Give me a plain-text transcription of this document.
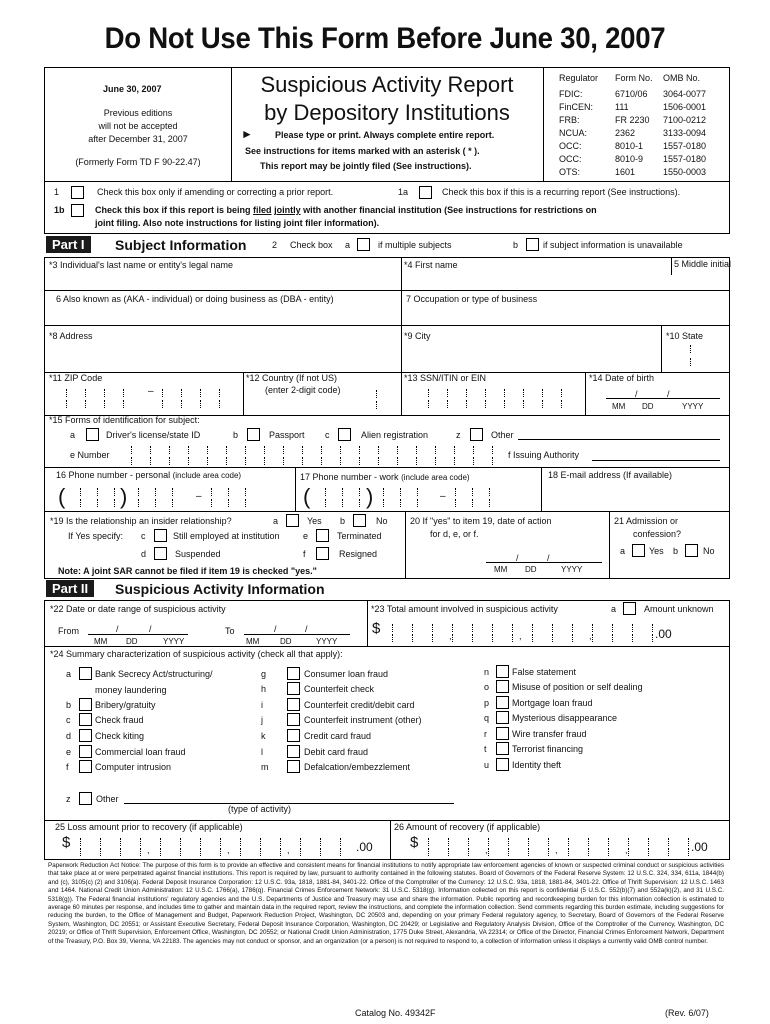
Do Not Use This Form Before June 30, 2007
June 30, 2007
Previous editions
will not be accepted
after December 31, 2007
(Formerly Form TD F 90-22.47)
Suspicious Activity Report
by Depository Institutions
► Please type or print. Always complete entire report.
See instructions for items marked with an asterisk ( * ).
This report may be jointly filed (See instructions).
Regulator Form No. OMB No.
FDIC:	6710/06 3064-0077
FinCEN: 111	1506-0001
FRB:	FR 2230 7100-0212
NCUA:	2362	3133-0094
OCC:	8010-1 1557-0180
OCC:	8010-9 1557-0180
OTS:	1601	1550-0003
1	Check this box only if amending or correcting a prior report.	1a	Check this box if this is a recurring report (See instructions).
1b	Check this box if this report is being filed jointly with another financial institution (See instructions for restrictions on
joint filing. Also note instructions for listing joint filer information).
Part I	Subject Information	2 Check box a	if multiple subjects	b	if subject information is unavailable
*3 Individual's last name or entity's legal name	*4 First name	5 Middle initial
6 Also known as (AKA - individual) or doing business as (DBA - entity)	7 Occupation or type of business
*8 Address	*9 City	*10 State
*11 ZIP Code
–
*12 Country (If not US)
(enter 2-digit code)
*13 SSN/ITIN or EIN	*14 Date of birth
/	/
MM DD	YYYY
*15 Forms of identification for subject:
a	Driver's license/state ID	b	Passport c	Alien registration	z	Other
e Number	f Issuing Authority
16 Phone number - personal (include area code)
( )	–
17 Phone number - work (include area code)
(	)	–
18 E-mail address (If available)
*19 Is the relationship an insider relationship?	a	Yes b	No
If Yes specify: c	Still employed at institution	e	Terminated
d	Suspended	f	Resigned
Note: A joint SAR cannot be filed if item 19 is checked "yes."
20 If "yes" to item 19, date of action
for d, e, or f.
/	/
MM DD	YYYY
21 Admission or
confession?
a	Yes b	No
Part II	Suspicious Activity Information
*22 Date or date range of suspicious activity
From	/	/
MM DD	YYYY
To	/	/
MM	DD	YYYY
*23 Total amount involved in suspicious activity	a	Amount unknown
$	.00
*24 Summary characterization of suspicious activity (check all that apply):
a	Bank Secrecy Act/structuring/
money laundering
b	Bribery/gratuity
c	Check fraud
d	Check kiting
e	Commercial loan fraud
f	Computer intrusion
g	Consumer loan fraud
h	Counterfeit check
i	Counterfeit credit/debit card
j	Counterfeit instrument (other)
k	Credit card fraud
l	Debit card fraud
m	Defalcation/embezzlement
n	False statement
o	Misuse of position or self dealing
p	Mortgage loan fraud
q	Mysterious disappearance
r	Wire transfer fraud
t	Terrorist financing
u	Identity theft
z	Other
(type of activity)
25 Loss amount prior to recovery (if applicable)
$	.00
26 Amount of recovery (if applicable)
$	.00
Paperwork Reduction Act Notice: The purpose of this form is to provide an effective and consistent means for financial institutions to notify appropriate law enforcement agencies of known or suspected criminal conduct or suspicious activities that take place at or were perpetrated against financial institutions. This report is required by law, pursuant to authority contained in the following statutes. Board of Governors of the Federal Reserve System: 12 U.S.C. 324, 334, 611a, 1844(b) and (c), 3105(c) (2) and 3106(a). Federal Deposit Insurance Corporation: 12 U.S.C. 93a, 1818, 1881-84, 3401-22. Office of the Comptroller of the Currency: 12 U.S.C. 93a, 1818, 1881-84, 3401-22. Office of Thrift Supervision: 12 U.S.C. 1463 and 1464. National Credit Union Administration: 12 U.S.C. 1766(a), 1786(q). Financial Crimes Enforcement Network: 31 U.S.C. 5318(g). Information collected on this report is confidential (5 U.S.C. 552(b)(7) and 552a(k)(2), and 31 U.S.C. 5318(g)). The Federal financial institutions' regulatory agencies and the U.S. Departments of Justice and Treasury may use and share the information. Public reporting and recordkeeping burden for this information collection is estimated to average 60 minutes per response, and includes time to gather and maintain data in the required report, review the instructions, and complete the information collection. Send comments regarding this burden estimate, including suggestions for reducing the burden, to the Office of Management and Budget, Paperwork Reduction Project, Washington, DC 20503 and, depending on your primary Federal regulatory agency, to Secretary, Board of Governors of the Federal Reserve System, Washington, DC 20551; or Assistant Executive Secretary, Federal Deposit Insurance Corporation, Washington, DC 20429; or Legislative and Regulatory Analysis Division, Office of the Comptroller of the Currency, Washington, DC 20219; or Office of Thrift Supervision, Enforcement Office, Washington, DC 20552; or National Credit Union Administration, 1775 Duke Street, Alexandria, VA 22314; or Office of the Director, Financial Crimes Enforcement Network, Department of the Treasury, P.O. Box 39, Vienna, VA 22183. The agencies may not conduct or sponsor, and an organization (or a person) is not required to respond to, a collection of information unless it displays a currently valid OMB control number.
Catalog No. 49342F	(Rev. 6/07)
,	,	,
,	,	,	,	,	,
